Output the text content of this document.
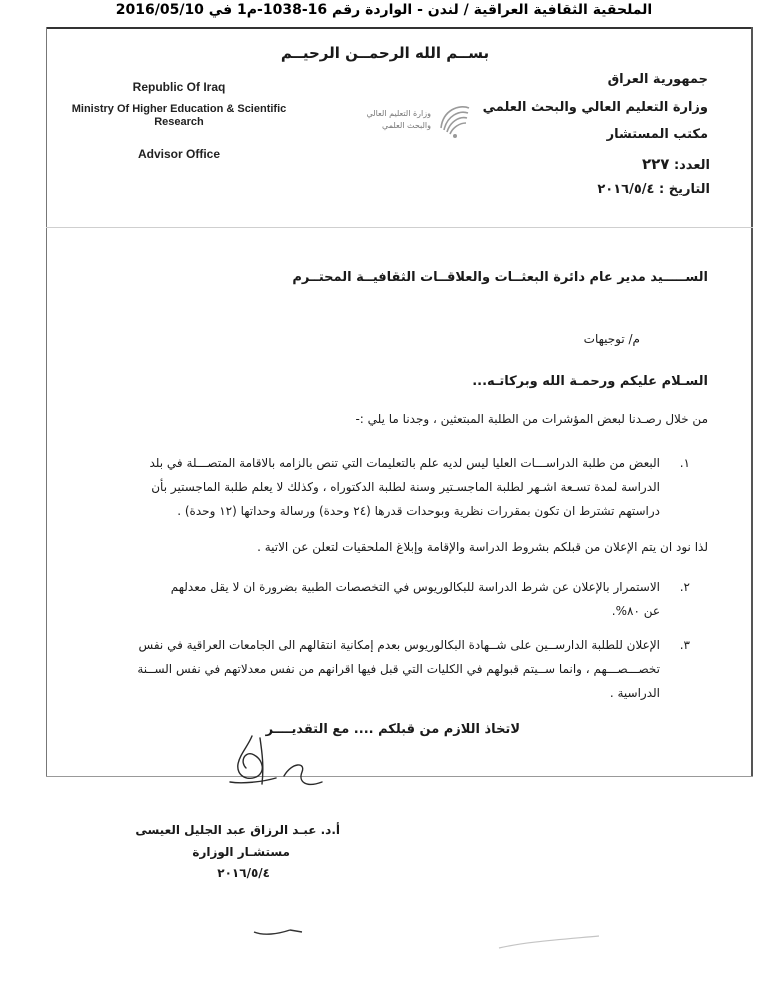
الملحقية الثقافية العراقية / لندن - الواردة رقم 16-1038-م1 في 2016/05/10
بســم الله الرحمــن الرحيــم
Republic Of Iraq
Ministry Of Higher Education & Scientific Research
Advisor Office
وزارة التعليم العالي
والبحث العلمي
جمهورية العراق
وزارة التعليم العالي والبحث العلمي
مكتب المستشار
العدد: ٢٢٧
التاريخ : ٢٠١٦/٥/٤
الســـــيد مدير عام دائرة البعثــات والعلاقــات الثقافيــة المحتــرم
م/ توجيهات
السـلام عليكم ورحمـة الله وبركاتـه...
من خلال رصـدنا لبعض المؤشرات من الطلبة المبتعثين ، وجدنا ما يلي :-
١.
البعض من طلبة الدراســـات العليا ليس لديه علم بالتعليمات التي تنص بالزامه بالاقامة المتصـــلة في بلد
الدراسة لمدة تسـعة اشـهر لطلبة الماجسـتير وسنة لطلبة الدكتوراه ، وكذلك لا يعلم طلبة الماجستير بأن
دراستهم تشترط ان تكون بمقررات نظرية وبوحدات قدرها (٢٤ وحدة) ورسالة وحداتها (١٢ وحدة) .
لذا نود ان يتم الإعلان من قبلكم بشروط الدراسة والإقامة وإبلاغ الملحقيات لتعلن عن الاتية .
٢.
الاستمرار بالإعلان عن شرط الدراسة للبكالوريوس في التخصصات الطبية بضرورة ان لا يقل معدلهم
عن ٨٠%.
٣.
الإعلان للطلبة الدارســين على شــهادة البكالوريوس بعدم إمكانية انتقالهم الى الجامعات العراقية في نفس
تخصـــصـــهم ، وانما ســيتم قبولهم في الكليات التي قبل فيها اقرانهم من نفس معدلاتهم في نفس الســنة
الدراسية .
لاتخاذ اللازم من قبلكم .... مع التقديــــر
أ.د. عبـد الرزاق عبد الجليل العيسى
مستشـار الوزارة
٢٠١٦/٥/٤
